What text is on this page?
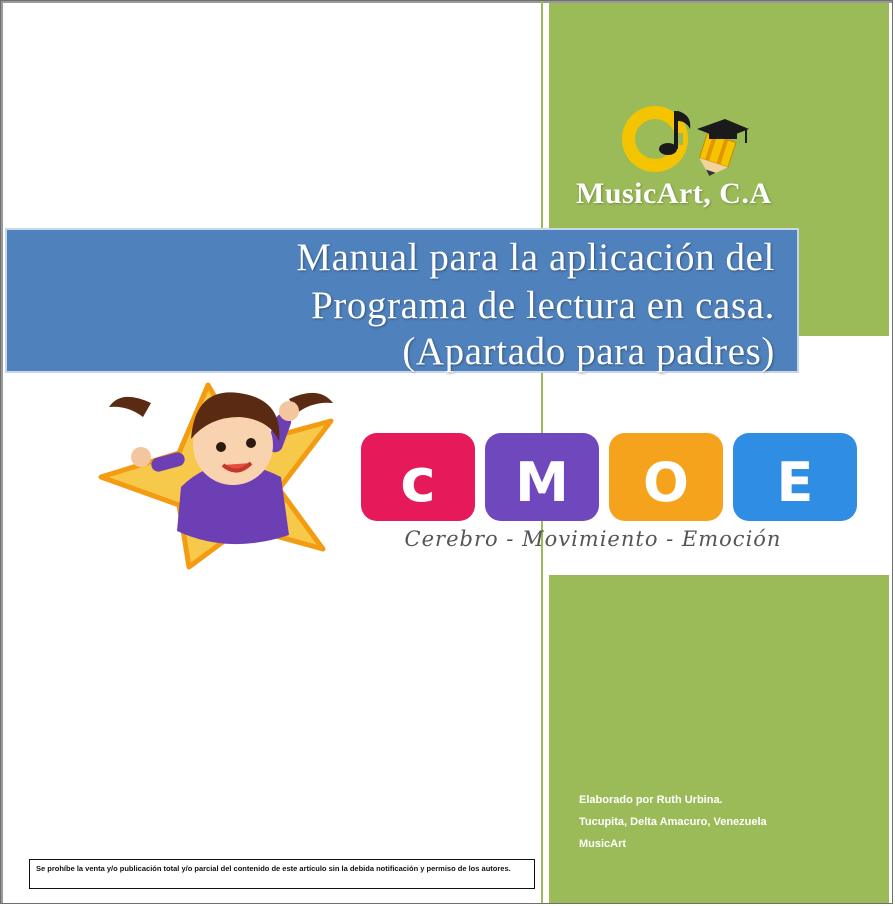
MusicArt, C.A
Manual para la aplicación del
Programa de lectura en casa.
(Apartado para padres)
c M O E
Cerebro - Movimiento - Emoción
Elaborado por Ruth Urbina.
Tucupita, Delta Amacuro, Venezuela
MusicArt
Se prohíbe la venta y/o publicación total y/o parcial del contenido de este artículo sin la debida notificación y permiso de los autores.
